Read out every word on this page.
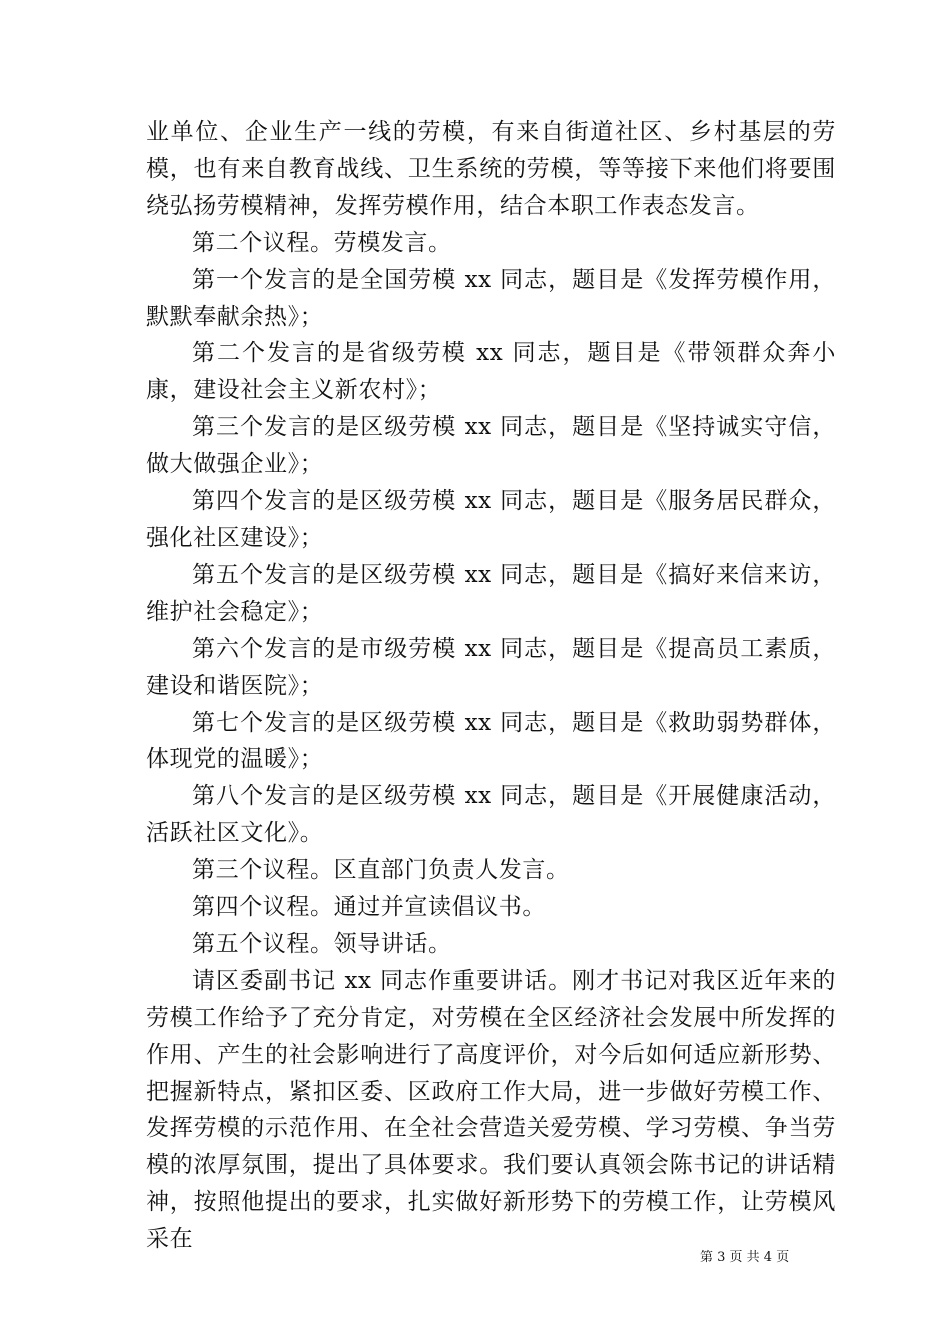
业单位、企业生产一线的劳模，有来自街道社区、乡村基层的劳模，也有来自教育战线、卫生系统的劳模，等等接下来他们将要围绕弘扬劳模精神，发挥劳模作用，结合本职工作表态发言。

第二个议程。劳模发言。

第一个发言的是全国劳模 xx 同志，题目是《发挥劳模作用，默默奉献余热》；

第二个发言的是省级劳模 xx 同志，题目是《带领群众奔小康，建设社会主义新农村》；

第三个发言的是区级劳模 xx 同志，题目是《坚持诚实守信，做大做强企业》；

第四个发言的是区级劳模 xx 同志，题目是《服务居民群众，强化社区建设》；

第五个发言的是区级劳模 xx 同志，题目是《搞好来信来访，维护社会稳定》；

第六个发言的是市级劳模 xx 同志，题目是《提高员工素质，建设和谐医院》；

第七个发言的是区级劳模 xx 同志，题目是《救助弱势群体，体现党的温暖》；

第八个发言的是区级劳模 xx 同志，题目是《开展健康活动，活跃社区文化》。

第三个议程。区直部门负责人发言。

第四个议程。通过并宣读倡议书。

第五个议程。领导讲话。

请区委副书记 xx 同志作重要讲话。刚才书记对我区近年来的劳模工作给予了充分肯定，对劳模在全区经济社会发展中所发挥的作用、产生的社会影响进行了高度评价，对今后如何适应新形势、把握新特点，紧扣区委、区政府工作大局，进一步做好劳模工作、发挥劳模的示范作用、在全社会营造关爱劳模、学习劳模、争当劳模的浓厚氛围，提出了具体要求。我们要认真领会陈书记的讲话精神，按照他提出的要求，扎实做好新形势下的劳模工作，让劳模风采在

第 3 页 共 4 页
